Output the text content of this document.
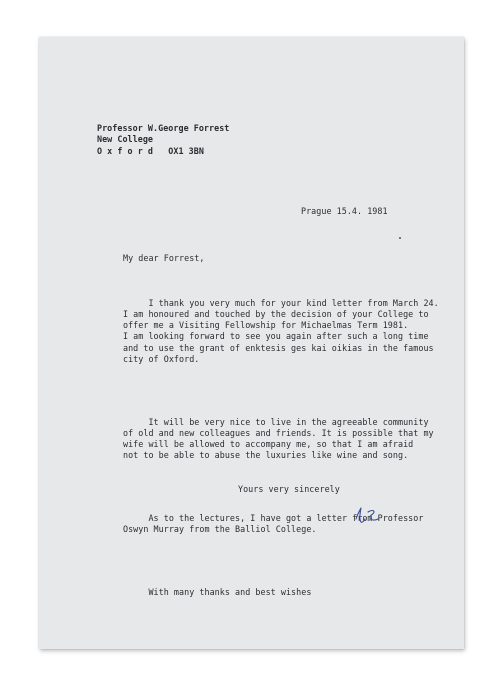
Professor W.George Forrest
New College
O x f o r d   OX1 3BN
Prague 15.4. 1981
My dear Forrest,

I thank you very much for your kind letter from March 24.
I am honoured and touched by the decision of your College to
offer me a Visiting Fellowship for Michaelmas Term 1981.
I am looking forward to see you again after such a long time
and to use the grant of enktesis ges kai oikias in the famous
city of Oxford.

It will be very nice to live in the agreeable community
of old and new colleagues and friends. It is possible that my
wife will be allowed to accompany me, so that I am afraid
not to be able to abuse the luxuries like wine and song.

As to the lectures, I have got a letter from Professor
Oswyn Murray from the Balliol College.

With many thanks and best wishes

Yours very sincerely
